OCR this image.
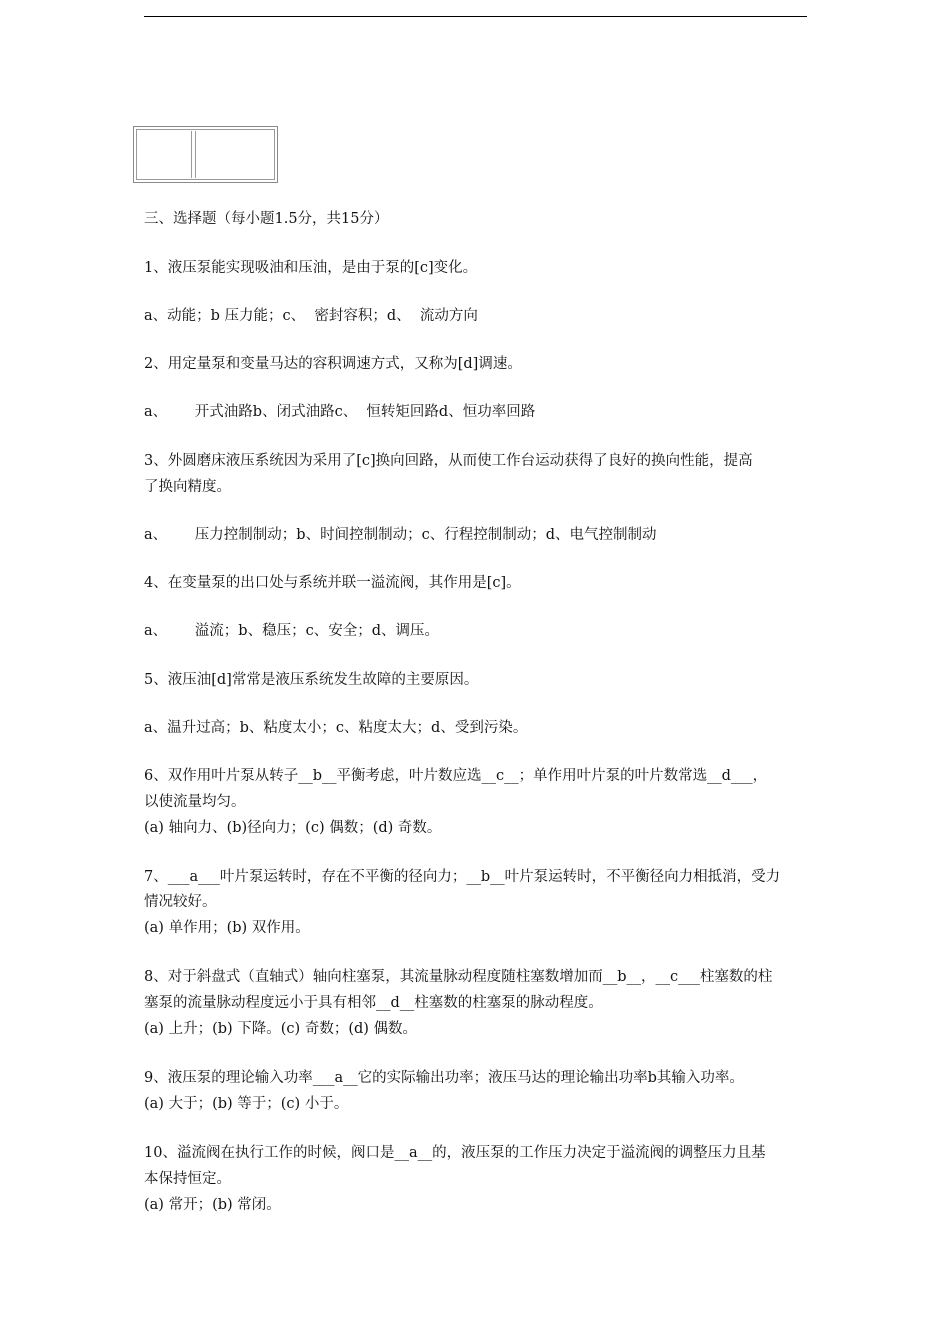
三、选择题（每小题1.5分，共15分）
1、液压泵能实现吸油和压油，是由于泵的[c]变化。
a、动能；b 压力能；c、  密封容积；d、  流动方向
2、用定量泵和变量马达的容积调速方式，又称为[d]调速。
a、      开式油路b、闭式油路c、  恒转矩回路d、恒功率回路
3、外圆磨床液压系统因为采用了[c]换向回路，从而使工作台运动获得了良好的换向性能，提高
了换向精度。
a、      压力控制制动；b、时间控制制动；c、行程控制制动；d、电气控制制动
4、在变量泵的出口处与系统并联一溢流阀，其作用是[c]。
a、      溢流；b、稳压；c、安全；d、调压。
5、液压油[d]常常是液压系统发生故障的主要原因。
a、温升过高；b、粘度太小；c、粘度太大；d、受到污染。
6、双作用叶片泵从转子__b__平衡考虑，叶片数应选__c__；单作用叶片泵的叶片数常选__d___，
以使流量均匀。
(a) 轴向力、(b)径向力；(c) 偶数；(d) 奇数。
7、___a___叶片泵运转时，存在不平衡的径向力；__b__叶片泵运转时，不平衡径向力相抵消，受力
情况较好。
(a) 单作用；(b) 双作用。
8、对于斜盘式（直轴式）轴向柱塞泵，其流量脉动程度随柱塞数增加而__b__，__c___柱塞数的柱
塞泵的流量脉动程度远小于具有相邻__d__柱塞数的柱塞泵的脉动程度。
(a) 上升；(b) 下降。(c) 奇数；(d) 偶数。
9、液压泵的理论输入功率___a__它的实际输出功率；液压马达的理论输出功率b其输入功率。
(a) 大于；(b) 等于；(c) 小于。
10、溢流阀在执行工作的时候，阀口是__a__的，液压泵的工作压力决定于溢流阀的调整压力且基
本保持恒定。
(a) 常开；(b) 常闭。
